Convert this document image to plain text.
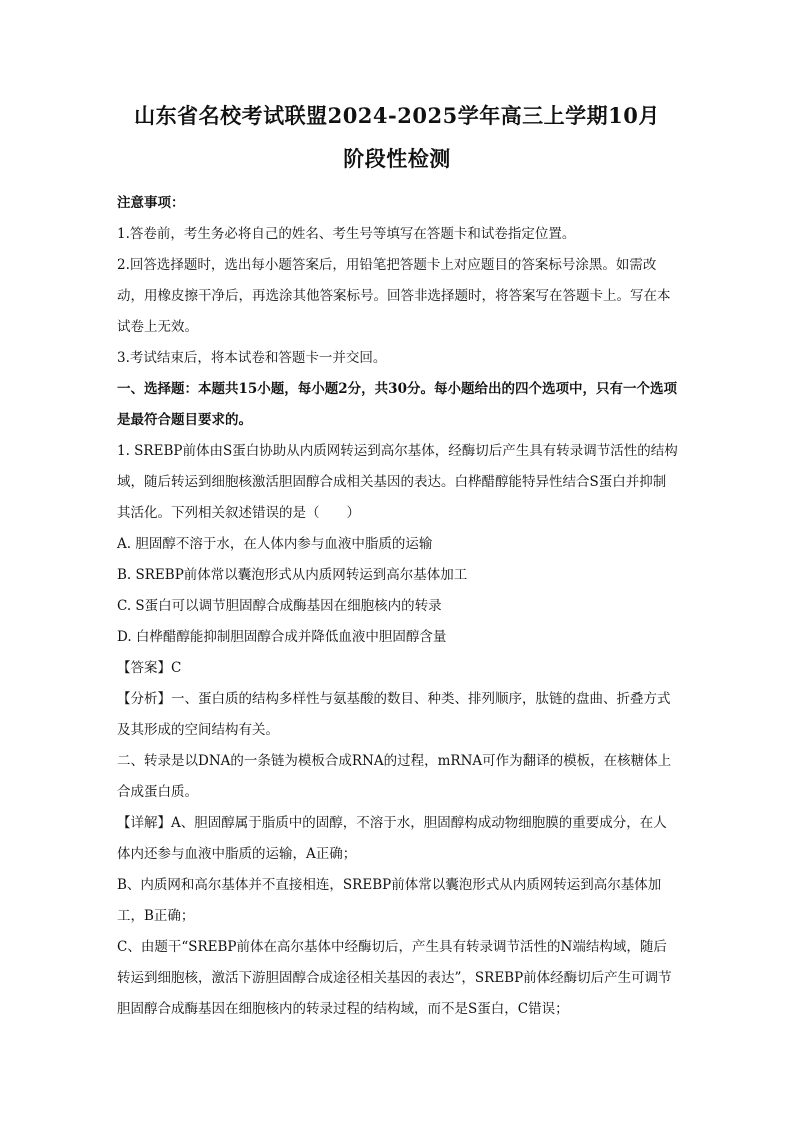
山东省名校考试联盟2024-2025学年高三上学期10月
阶段性检测

注意事项：

1.答卷前，考生务必将自己的姓名、考生号等填写在答题卡和试卷指定位置。

2.回答选择题时，选出每小题答案后，用铅笔把答题卡上对应题目的答案标号涂黑。如需改动，用橡皮擦干净后，再选涂其他答案标号。回答非选择题时，将答案写在答题卡上。写在本试卷上无效。

3.考试结束后，将本试卷和答题卡一并交回。

一、选择题：本题共15小题，每小题2分，共30分。每小题给出的四个选项中，只有一个选项是最符合题目要求的。

1. SREBP前体由S蛋白协助从内质网转运到高尔基体，经酶切后产生具有转录调节活性的结构域，随后转运到细胞核激活胆固醇合成相关基因的表达。白桦醋醇能特异性结合S蛋白并抑制其活化。下列相关叙述错误的是（　　）

A. 胆固醇不溶于水，在人体内参与血液中脂质的运输

B. SREBP前体常以囊泡形式从内质网转运到高尔基体加工

C. S蛋白可以调节胆固醇合成酶基因在细胞核内的转录

D. 白桦醋醇能抑制胆固醇合成并降低血液中胆固醇含量

【答案】C

【分析】一、蛋白质的结构多样性与氨基酸的数目、种类、排列顺序，肽链的盘曲、折叠方式及其形成的空间结构有关。

二、转录是以DNA的一条链为模板合成RNA的过程，mRNA可作为翻译的模板，在核糖体上合成蛋白质。

【详解】A、胆固醇属于脂质中的固醇，不溶于水，胆固醇构成动物细胞膜的重要成分，在人体内还参与血液中脂质的运输，A正确；

B、内质网和高尔基体并不直接相连，SREBP前体常以囊泡形式从内质网转运到高尔基体加工，B正确；

C、由题干“SREBP前体在高尔基体中经酶切后，产生具有转录调节活性的N端结构域，随后转运到细胞核，激活下游胆固醇合成途径相关基因的表达”，SREBP前体经酶切后产生可调节胆固醇合成酶基因在细胞核内的转录过程的结构域，而不是S蛋白，C错误；
